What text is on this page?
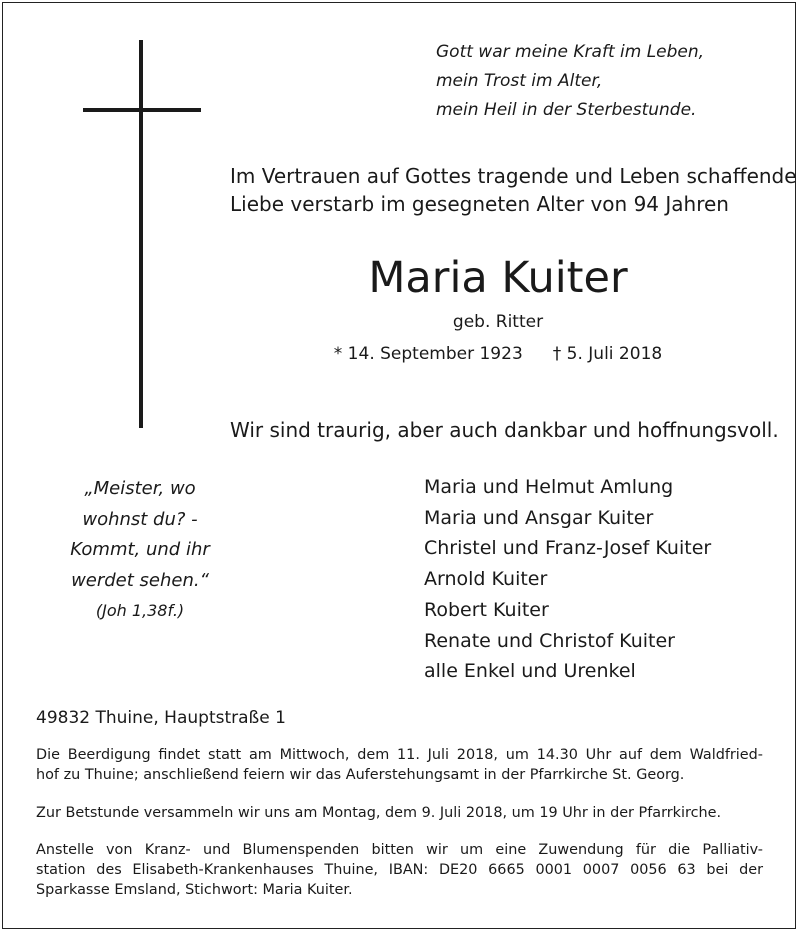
Gott war meine Kraft im Leben,
mein Trost im Alter,
mein Heil in der Sterbestunde.
Im Vertrauen auf Gottes tragende und Leben schaffende
Liebe verstarb im gesegneten Alter von 94 Jahren
Maria Kuiter
geb. Ritter
* 14. September 1923 † 5. Juli 2018
Wir sind traurig, aber auch dankbar und hoffnungsvoll.
„Meister, wo
wohnst du? -
Kommt, und ihr
werdet sehen.“
(Joh 1,38f.)
Maria und Helmut Amlung
Maria und Ansgar Kuiter
Christel und Franz-Josef Kuiter
Arnold Kuiter
Robert Kuiter
Renate und Christof Kuiter
alle Enkel und Urenkel
49832 Thuine, Hauptstraße 1
Die Beerdigung findet statt am Mittwoch, dem 11. Juli 2018, um 14.30 Uhr auf dem Waldfried-
hof zu Thuine; anschließend feiern wir das Auferstehungsamt in der Pfarrkirche St. Georg.
Zur Betstunde versammeln wir uns am Montag, dem 9. Juli 2018, um 19 Uhr in der Pfarrkirche.
Anstelle von Kranz- und Blumenspenden bitten wir um eine Zuwendung für die Palliativ-
station des Elisabeth-Krankenhauses Thuine, IBAN: DE20 6665 0001 0007 0056 63 bei der
Sparkasse Emsland, Stichwort: Maria Kuiter.
